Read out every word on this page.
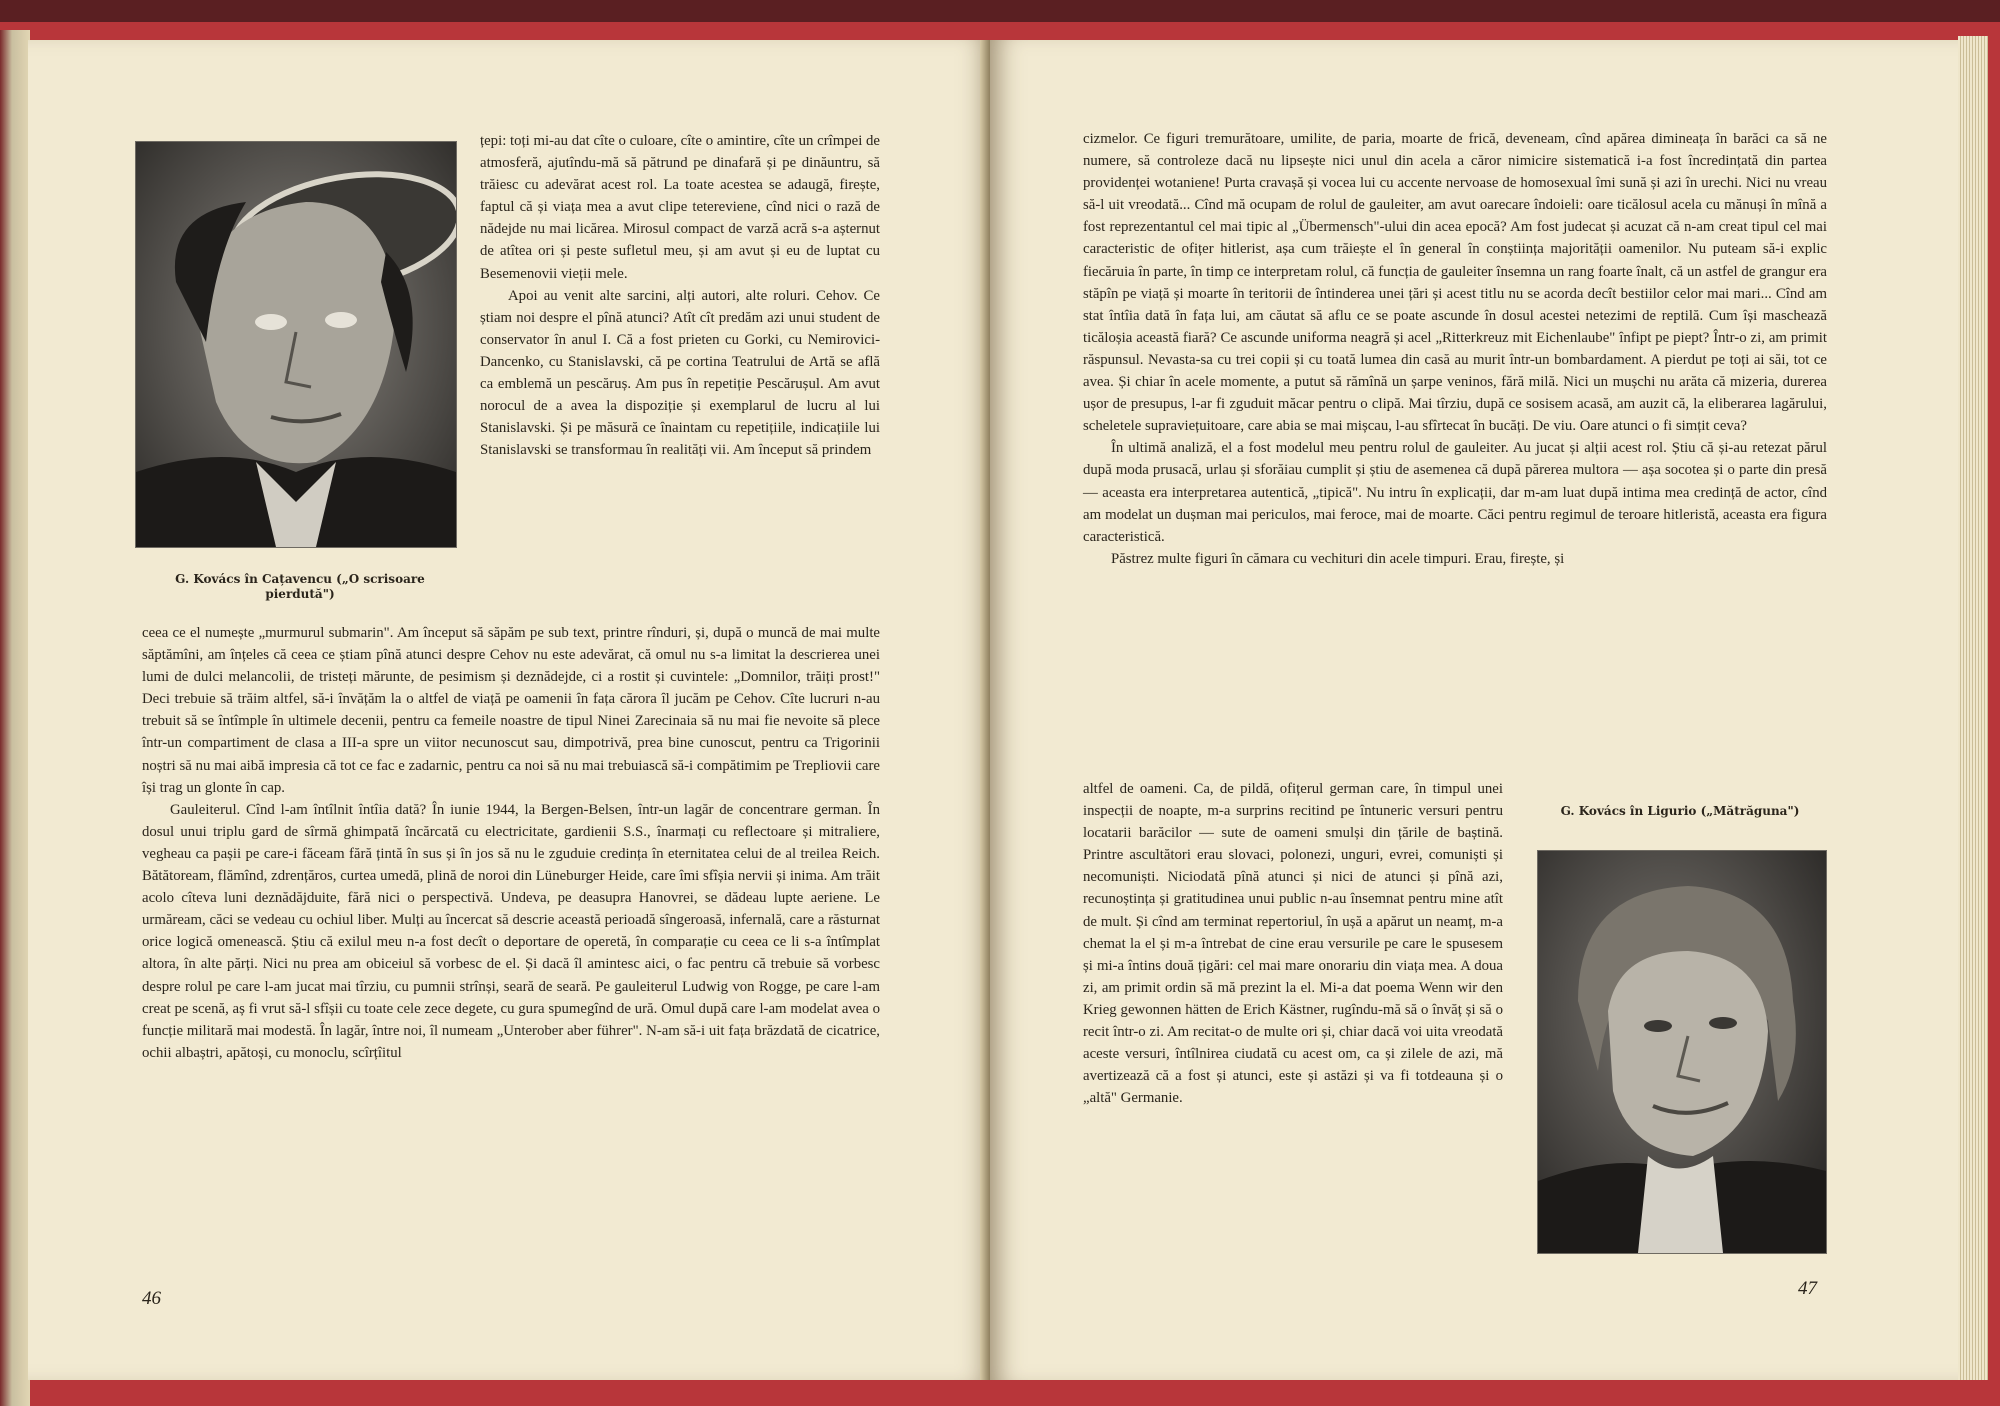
G. Kovács în Cațavencu („O scrisoare pierdută")

țepi: toți mi-au dat cîte o culoare, cîte o amintire, cîte un crîmpei de atmosferă, ajutîndu-mă să pătrund pe dinafară și pe dinăuntru, să trăiesc cu adevărat acest rol. La toate acestea se adaugă, firește, faptul că și viața mea a avut clipe tetereviene, cînd nici o rază de nădejde nu mai licărea. Mirosul compact de varză acră s-a așternut de atîtea ori și peste sufletul meu, și am avut și eu de luptat cu Besemenovii vieții mele.

Apoi au venit alte sarcini, alți autori, alte roluri. Cehov. Ce știam noi despre el pînă atunci? Atît cît predăm azi unui student de conservator în anul I. Că a fost prieten cu Gorki, cu Nemirovici-Dancenko, cu Stanislavski, că pe cortina Teatrului de Artă se află ca emblemă un pescăruș. Am pus în repetiție Pescărușul. Am avut norocul de a avea la dispoziție și exemplarul de lucru al lui Stanislavski. Și pe măsură ce înaintam cu repetițiile, indicațiile lui Stanislavski se transformau în realități vii. Am început să prindem

ceea ce el numește „murmurul submarin". Am început să săpăm pe sub text, printre rînduri, și, după o muncă de mai multe săptămîni, am înțeles că ceea ce știam pînă atunci despre Cehov nu este adevărat, că omul nu s-a limitat la descrierea unei lumi de dulci melancolii, de tristeți mărunte, de pesimism și deznădejde, ci a rostit și cuvintele: „Domnilor, trăiți prost!" Deci trebuie să trăim altfel, să-i învățăm la o altfel de viață pe oamenii în fața cărora îl jucăm pe Cehov. Cîte lucruri n-au trebuit să se întîmple în ultimele decenii, pentru ca femeile noastre de tipul Ninei Zarecinaia să nu mai fie nevoite să plece într-un compartiment de clasa a III-a spre un viitor necunoscut sau, dimpotrivă, prea bine cunoscut, pentru ca Trigorinii noștri să nu mai aibă impresia că tot ce fac e zadarnic, pentru ca noi să nu mai trebuiască să-i compătimim pe Trepliovii care își trag un glonte în cap.

Gauleiterul. Cînd l-am întîlnit întîia dată? În iunie 1944, la Bergen-Belsen, într-un lagăr de concentrare german. În dosul unui triplu gard de sîrmă ghimpată încărcată cu electricitate, gardienii S.S., înarmați cu reflectoare și mitraliere, vegheau ca pașii pe care-i făceam fără țintă în sus și în jos să nu le zguduie credința în eternitatea celui de al treilea Reich. Bătătoream, flămînd, zdrențăros, curtea umedă, plină de noroi din Lüneburger Heide, care îmi sfîșia nervii și inima. Am trăit acolo cîteva luni deznădăjduite, fără nici o perspectivă. Undeva, pe deasupra Hanovrei, se dădeau lupte aeriene. Le urmăream, căci se vedeau cu ochiul liber. Mulți au încercat să descrie această perioadă sîngeroasă, infernală, care a răsturnat orice logică omenească. Știu că exilul meu n-a fost decît o deportare de operetă, în comparație cu ceea ce li s-a întîmplat altora, în alte părți. Nici nu prea am obiceiul să vorbesc de el. Și dacă îl amintesc aici, o fac pentru că trebuie să vorbesc despre rolul pe care l-am jucat mai tîrziu, cu pumnii strînși, seară de seară. Pe gauleiterul Ludwig von Rogge, pe care l-am creat pe scenă, aș fi vrut să-l sfîșii cu toate cele zece degete, cu gura spumegînd de ură. Omul după care l-am modelat avea o funcție militară mai modestă. În lagăr, între noi, îl numeam „Unterober aber führer". N-am să-i uit fața brăzdată de cicatrice, ochii albaștri, apătoși, cu monoclu, scîrțîitul

46

cizmelor. Ce figuri tremurătoare, umilite, de paria, moarte de frică, deveneam, cînd apărea dimineața în barăci ca să ne numere, să controleze dacă nu lipsește nici unul din acela a căror nimicire sistematică i-a fost încredințată din partea providenței wotaniene! Purta cravașă și vocea lui cu accente nervoase de homosexual îmi sună și azi în urechi. Nici nu vreau să-l uit vreodată... Cînd mă ocupam de rolul de gauleiter, am avut oarecare îndoieli: oare ticălosul acela cu mănuși în mînă a fost reprezentantul cel mai tipic al „Übermensch"-ului din acea epocă? Am fost judecat și acuzat că n-am creat tipul cel mai caracteristic de ofițer hitlerist, așa cum trăiește el în general în conștiința majorității oamenilor. Nu puteam să-i explic fiecăruia în parte, în timp ce interpretam rolul, că funcția de gauleiter însemna un rang foarte înalt, că un astfel de grangur era stăpîn pe viață și moarte în teritorii de întinderea unei țări și acest titlu nu se acorda decît bestiilor celor mai mari... Cînd am stat întîia dată în fața lui, am căutat să aflu ce se poate ascunde în dosul acestei netezimi de reptilă. Cum își maschează ticăloșia această fiară? Ce ascunde uniforma neagră și acel „Ritterkreuz mit Eichenlaube" înfipt pe piept? Într-o zi, am primit răspunsul. Nevasta-sa cu trei copii și cu toată lumea din casă au murit într-un bombardament. A pierdut pe toți ai săi, tot ce avea. Și chiar în acele momente, a putut să rămînă un șarpe veninos, fără milă. Nici un mușchi nu arăta că mizeria, durerea ușor de presupus, l-ar fi zguduit măcar pentru o clipă. Mai tîrziu, după ce sosisem acasă, am auzit că, la eliberarea lagărului, scheletele supraviețuitoare, care abia se mai mișcau, l-au sfîrtecat în bucăți. De viu. Oare atunci o fi simțit ceva?

În ultimă analiză, el a fost modelul meu pentru rolul de gauleiter. Au jucat și alții acest rol. Știu că și-au retezat părul după moda prusacă, urlau și sforăiau cumplit și știu de asemenea că după părerea multora — așa socotea și o parte din presă — aceasta era interpretarea autentică, „tipică". Nu intru în explicații, dar m-am luat după intima mea credință de actor, cînd am modelat un dușman mai periculos, mai feroce, mai de moarte. Căci pentru regimul de teroare hitleristă, aceasta era figura caracteristică.

Păstrez multe figuri în cămara cu vechituri din acele timpuri. Erau, firește, și

altfel de oameni. Ca, de pildă, ofițerul german care, în timpul unei inspecții de noapte, m-a surprins recitind pe întuneric versuri pentru locatarii barăcilor — sute de oameni smulși din țările de baștină. Printre ascultători erau slovaci, polonezi, unguri, evrei, comuniști și necomuniști. Niciodată pînă atunci și nici de atunci și pînă azi, recunoștința și gratitudinea unui public n-au însemnat pentru mine atît de mult. Și cînd am terminat repertoriul, în ușă a apărut un neamț, m-a chemat la el și m-a întrebat de cine erau versurile pe care le spusesem și mi-a întins două țigări: cel mai mare onorariu din viața mea. A doua zi, am primit ordin să mă prezint la el. Mi-a dat poema Wenn wir den Krieg gewonnen hätten de Erich Kästner, rugîndu-mă să o învăț și să o recit într-o zi. Am recitat-o de multe ori și, chiar dacă voi uita vreodată aceste versuri, întîlnirea ciudată cu acest om, ca și zilele de azi, mă avertizează că a fost și atunci, este și astăzi și va fi totdeauna și o „altă" Germanie.

G. Kovács în Ligurio („Mătrăguna")
47
